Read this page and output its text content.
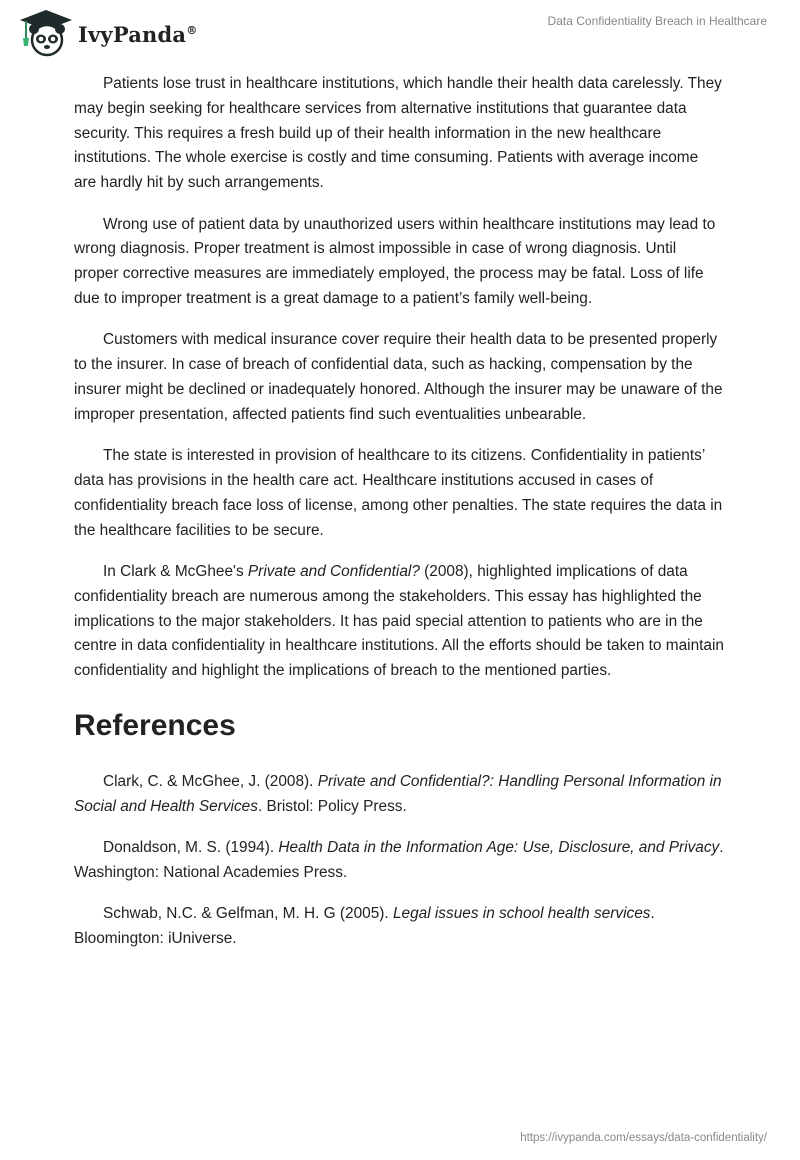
IvyPanda®
Data Confidentiality Breach in Healthcare

Patients lose trust in healthcare institutions, which handle their health data carelessly. They may begin seeking for healthcare services from alternative institutions that guarantee data security. This requires a fresh build up of their health information in the new healthcare institutions. The whole exercise is costly and time consuming. Patients with average income are hardly hit by such arrangements.

Wrong use of patient data by unauthorized users within healthcare institutions may lead to wrong diagnosis. Proper treatment is almost impossible in case of wrong diagnosis. Until proper corrective measures are immediately employed, the process may be fatal. Loss of life due to improper treatment is a great damage to a patient’s family well-being.

Customers with medical insurance cover require their health data to be presented properly to the insurer. In case of breach of confidential data, such as hacking, compensation by the insurer might be declined or inadequately honored. Although the insurer may be unaware of the improper presentation, affected patients find such eventualities unbearable.

The state is interested in provision of healthcare to its citizens. Confidentiality in patients’ data has provisions in the health care act. Healthcare institutions accused in cases of confidentiality breach face loss of license, among other penalties. The state requires the data in the healthcare facilities to be secure.

In Clark & McGhee's Private and Confidential? (2008), highlighted implications of data confidentiality breach are numerous among the stakeholders. This essay has highlighted the implications to the major stakeholders. It has paid special attention to patients who are in the centre in data confidentiality in healthcare institutions. All the efforts should be taken to maintain confidentiality and highlight the implications of breach to the mentioned parties.

References

Clark, C. & McGhee, J. (2008). Private and Confidential?: Handling Personal Information in Social and Health Services. Bristol: Policy Press.

Donaldson, M. S. (1994). Health Data in the Information Age: Use, Disclosure, and Privacy. Washington: National Academies Press.

Schwab, N.C. & Gelfman, M. H. G (2005). Legal issues in school health services. Bloomington: iUniverse.

https://ivypanda.com/essays/data-confidentiality/
